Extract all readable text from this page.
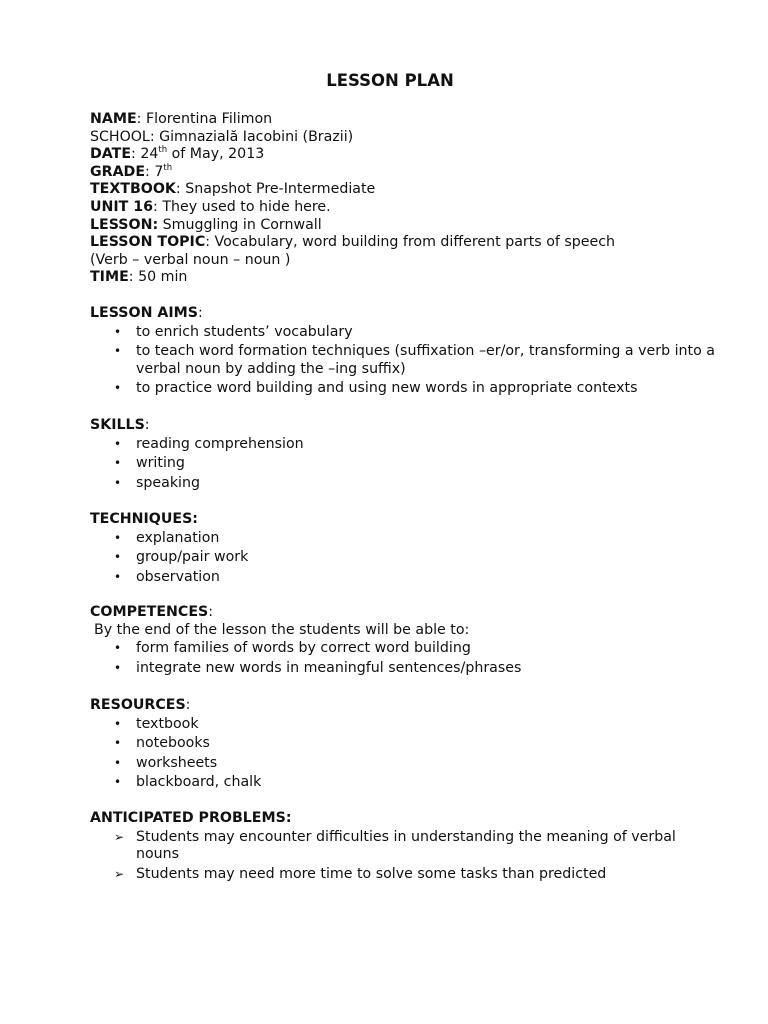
LESSON PLAN
NAME: Florentina Filimon
SCHOOL: Gimnazială Iacobini (Brazii)
DATE: 24th of May, 2013
GRADE: 7th
TEXTBOOK: Snapshot Pre-Intermediate
UNIT 16: They used to hide here.
LESSON: Smuggling in Cornwall
LESSON TOPIC: Vocabulary, word building from different parts of speech
(Verb – verbal noun – noun )
TIME: 50 min
LESSON AIMS:
• to enrich students’ vocabulary
• to teach word formation techniques (suffixation –er/or, transforming a verb into a verbal noun by adding the –ing suffix)
• to practice word building and using new words in appropriate contexts
SKILLS:
• reading comprehension
• writing
• speaking
TECHNIQUES:
• explanation
• group/pair work
• observation
COMPETENCES:
By the end of the lesson the students will be able to:
• form families of words by correct word building
• integrate new words in meaningful sentences/phrases
RESOURCES:
• textbook
• notebooks
• worksheets
• blackboard, chalk
ANTICIPATED PROBLEMS:
➢ Students may encounter difficulties in understanding the meaning of verbal nouns
➢ Students may need more time to solve some tasks than predicted
